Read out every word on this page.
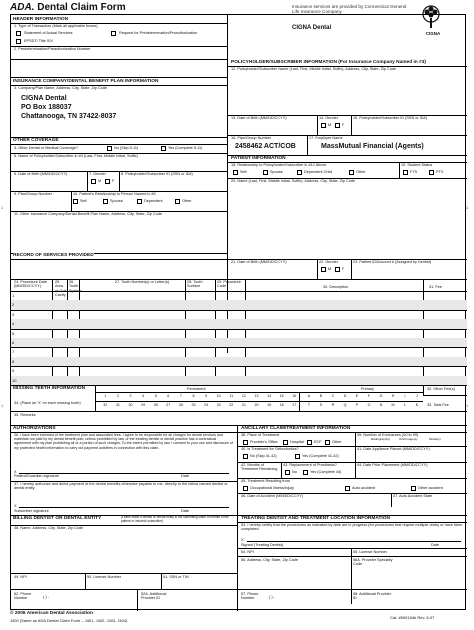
ADA. Dental Claim Form	Insurance services are provided by Connecticut General Life Insurance Company
CIGNA Dental
CIGNA
HEADER INFORMATION
1. Type of Transaction (Mark all applicable boxes)
Statement of Actual Services	Request for Predetermination/Preauthorization
EPSDT/ Title XIX
2. Predetermination/Preauthorization Number
INSURANCE COMPANY/DENTAL BENEFIT PLAN INFORMATION
3. Company/Plan Name, Address, City, State, Zip Code
CIGNA Dental
PO Box 188037
Chattanooga, TN 37422-8037
OTHER COVERAGE
4. Other Dental or Medical Coverage?	No (Skip 5-11)	Yes (Complete 5-11)
5. Name of Policyholder/Subscriber in #4 (Last, First, Middle Initial, Suffix)
6. Date of Birth (MM/DD/CCYY)	7. Gender
M	F
8. Policyholder/Subscriber ID (SSN or ID#)
9. Plan/Group Number	10. Patient's Relationship to Person Named in #5
Self	Spouse	Dependent	Other
11. Other Insurance Company/Dental Benefit Plan Name, Address, City, State, Zip Code
POLICYHOLDER/SUBSCRIBER INFORMATION (For Insurance Company Named in #3)
12. Policyholder/Subscriber Name (Last, First, Middle Initial, Suffix), Address, City, State, Zip Code
13. Date of Birth (MM/DD/CCYY)	14. Gender
M	F
15. Policyholder/Subscriber ID (SSN or ID#)
16. Plan/Group Number
2458462 ACT/COB
17. Employer Name
MassMutual Financial (Agents)
PATIENT INFORMATION
18. Relationship to Policyholder/Subscriber in #12 Above
Self	Spouse	Dependent Child	Other
19. Student Status
FTS	PTS
20. Name (Last, First, Middle Initial, Suffix), Address, City, State, Zip Code
21. Date of Birth (MM/DD/CCYY)	22. Gender
M	F
23. Patient ID/Account # (Assigned by Dentist)
RECORD OF SERVICES PROVIDED
24. Procedure Date (MM/DD/CCYY)
25. Area of Oral Cavity
26. Tooth System
27. Tooth Number(s) or Letter(s)	28. Tooth Surface
29. Procedure Code	30. Description	31. Fee
1
2
3
4
5
6
7
8
9
10
MISSING TEETH INFORMATION	Permanent	Primary	32. Other Fee(s)
34. (Place an 'X' on each missing tooth)
1	2	3	4	5	6	7	8	9	10	11	12	13	14	15	16
32	31	30	29	28	27	26	25	24	23	22	21	20	19	18	17
A	B	C	D	E	F	G	H	I	J
T	S	R	Q	P	O	N	M	L	K	33. Total Fee
35. Remarks
AUTHORIZATIONS
36. I have been informed of the treatment plan and associated fees. I agree to be responsible for all charges for dental services and materials not paid by my dental benefit plan, unless prohibited by law, or the treating dentist or dental practice has a contractual agreement with my plan prohibiting all or a portion of such charges. To the extent permitted by law, I consent to your use and disclosure of my protected health information to carry out payment activities in connection with this claim.
X
Patient/Guardian signature	Date
37. I hereby authorize and direct payment of the dental benefits otherwise payable to me, directly to the below named dentist or dental entity.
X
Subscriber signature	Date
ANCILLARY CLAIM/TREATMENT INFORMATION
38. Place of Treatment
Provider's Office	Hospital	ECF	Other
39. Number of Enclosures (00 to 99)
Radiograph(s)	Oral Image(s)	Model(s)
40. Is Treatment for Orthodontics?
No (Skip 41-42)	Yes (Complete 41-42)
41. Date Appliance Placed (MM/DD/CCYY)
42. Months of Treatment Remaining
43. Replacement of Prosthesis?
No	Yes (Complete 44)
44. Date Prior Placement (MM/DD/CCYY)
45. Treatment Resulting from
Occupational illness/injury	Auto accident	Other accident
46. Date of Accident (MM/DD/CCYY)	47. Auto Accident State
BILLING DENTIST OR DENTAL ENTITY	(Leave blank if dentist or dental entity is not submitting claim on behalf of the patient or insured/ subscriber)
48. Name, Address, City, State, Zip Code
49. NPI	50. License Number	51. SSN or TIN
52. Phone Number	( ) -
52A. Additional Provider ID
TREATING DENTIST AND TREATMENT LOCATION INFORMATION
53. I hereby certify that the procedures as indicated by date are in progress (for procedures that require multiple visits) or have been completed.
X
Signed (Treating Dentist)	Date
54. NPI	55. License Number
56. Address, City, State, Zip Code	56A. Provider Specialty Code
57. Phone Number	( ) -
58. Additional Provider ID
1	1
1	1
© 2006 American Dental Association
J400 (Same as ADA Dental Claim Form – J401, J402, J403, J404)
Cat. #590154b Rev. 6-07
